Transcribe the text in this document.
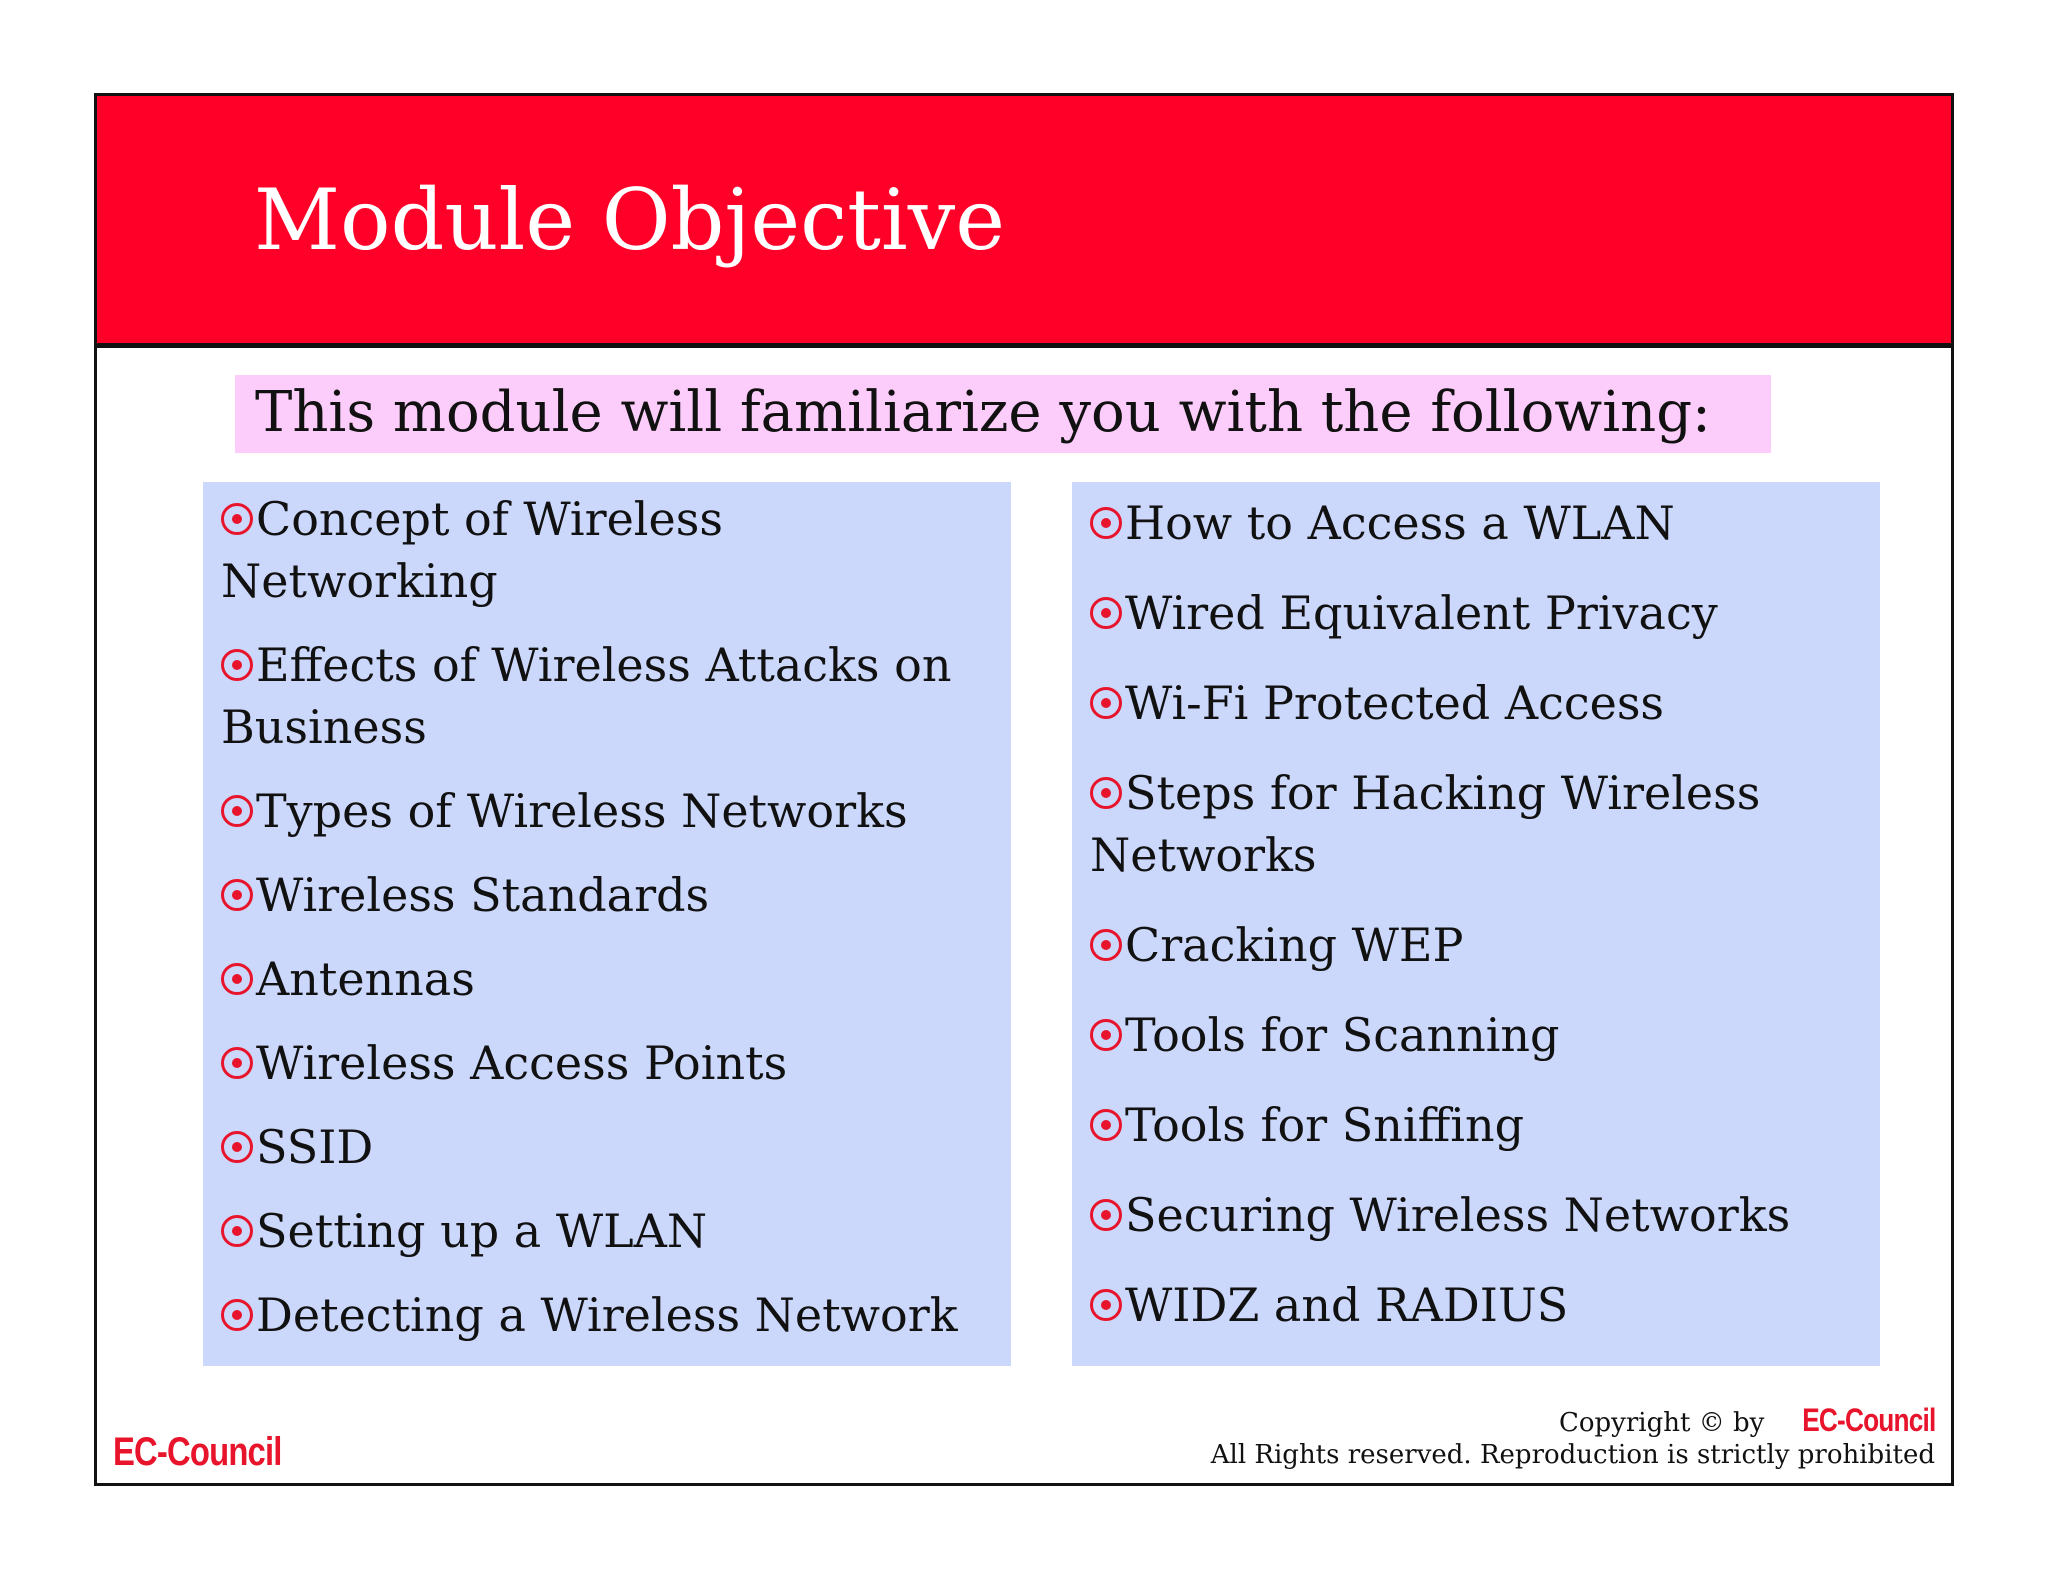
Module Objective
This module will familiarize you with the following:
Concept of Wireless Networking
Effects of Wireless Attacks on Business
Types of Wireless Networks
Wireless Standards
Antennas
Wireless Access Points
SSID
Setting up a WLAN
Detecting a Wireless Network
How to Access a WLAN
Wired Equivalent Privacy
Wi-Fi Protected Access
Steps for Hacking Wireless Networks
Cracking WEP
Tools for Scanning
Tools for Sniffing
Securing Wireless Networks
WIDZ and RADIUS
EC-Council
Copyright © by EC-Council
All Rights reserved. Reproduction is strictly prohibited
